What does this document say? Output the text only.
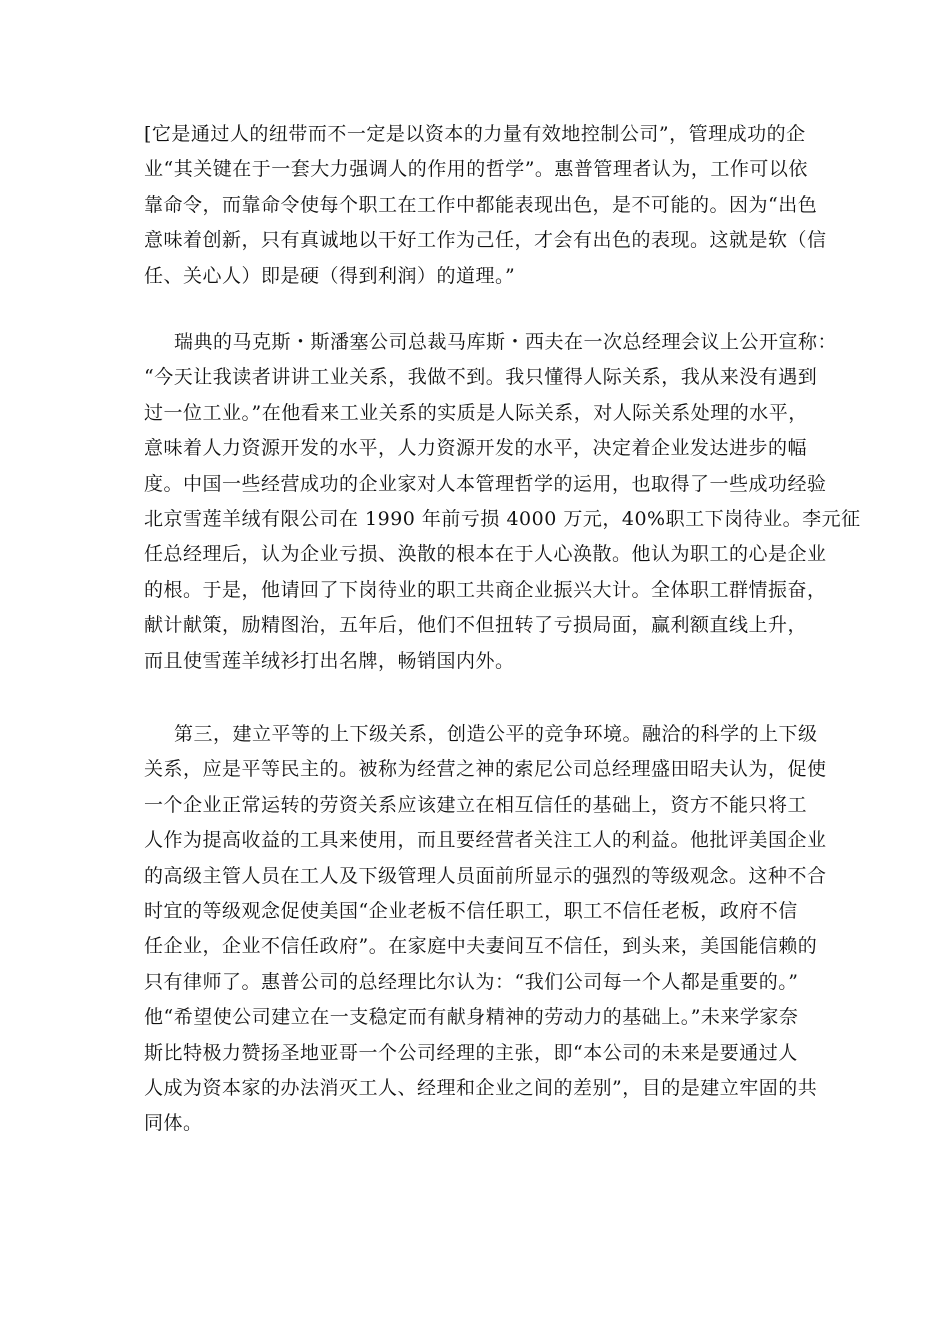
[它是通过人的纽带而不一定是以资本的力量有效地控制公司”，管理成功的企
业“其关键在于一套大力强调人的作用的哲学”。惠普管理者认为，工作可以依
靠命令，而靠命令使每个职工在工作中都能表现出色，是不可能的。因为“出色
意味着创新，只有真诚地以干好工作为己任，才会有出色的表现。这就是软（信
任、关心人）即是硬（得到利润）的道理。”
瑞典的马克斯・斯潘塞公司总裁马库斯・西夫在一次总经理会议上公开宣称：
“今天让我读者讲讲工业关系，我做不到。我只懂得人际关系，我从来没有遇到
过一位工业。”在他看来工业关系的实质是人际关系，对人际关系处理的水平，
意味着人力资源开发的水平，人力资源开发的水平，决定着企业发达进步的幅
度。中国一些经营成功的企业家对人本管理哲学的运用，也取得了一些成功经验
北京雪莲羊绒有限公司在 1990 年前亏损 4000 万元，40%职工下岗待业。李元征
任总经理后，认为企业亏损、涣散的根本在于人心涣散。他认为职工的心是企业
的根。于是，他请回了下岗待业的职工共商企业振兴大计。全体职工群情振奋，
献计献策，励精图治，五年后，他们不但扭转了亏损局面，赢利额直线上升，
而且使雪莲羊绒衫打出名牌，畅销国内外。
第三，建立平等的上下级关系，创造公平的竞争环境。融洽的科学的上下级
关系，应是平等民主的。被称为经营之神的索尼公司总经理盛田昭夫认为，促使
一个企业正常运转的劳资关系应该建立在相互信任的基础上，资方不能只将工
人作为提高收益的工具来使用，而且要经营者关注工人的利益。他批评美国企业
的高级主管人员在工人及下级管理人员面前所显示的强烈的等级观念。这种不合
时宜的等级观念促使美国“企业老板不信任职工，职工不信任老板，政府不信
任企业，企业不信任政府”。在家庭中夫妻间互不信任，到头来，美国能信赖的
只有律师了。惠普公司的总经理比尔认为：“我们公司每一个人都是重要的。”
他“希望使公司建立在一支稳定而有献身精神的劳动力的基础上。”未来学家奈
斯比特极力赞扬圣地亚哥一个公司经理的主张，即“本公司的未来是要通过人
人成为资本家的办法消灭工人、经理和企业之间的差别”，目的是建立牢固的共
同体。
